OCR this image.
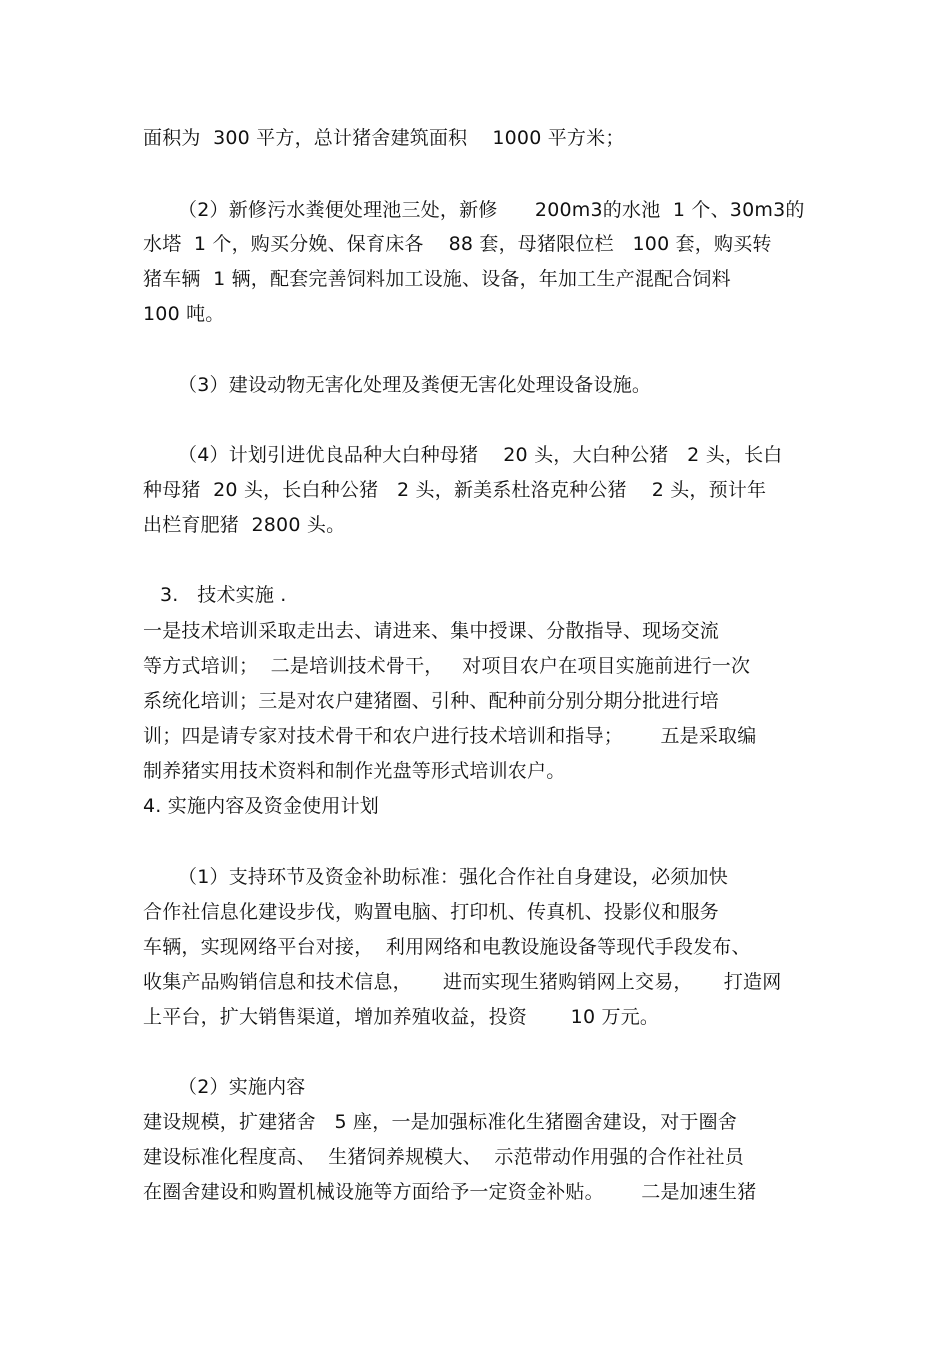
面积为  300 平方，总计猪舍建筑面积    1000 平方米；
（2）新修污水粪便处理池三处，新修      200m3的水池  1 个、30m3的
水塔  1 个，购买分娩、保育床各    88 套，母猪限位栏   100 套，购买转
猪车辆  1 辆，配套完善饲料加工设施、设备，年加工生产混配合饲料
100 吨。
（3）建设动物无害化处理及粪便无害化处理设备设施。
（4）计划引进优良品种大白种母猪    20 头，大白种公猪   2 头，长白
种母猪  20 头，长白种公猪   2 头，新美系杜洛克种公猪    2 头，预计年
出栏育肥猪  2800 头。
3.   技术实施 .
一是技术培训采取走出去、请进来、集中授课、分散指导、现场交流
等方式培训；  二是培训技术骨干，   对项目农户在项目实施前进行一次
系统化培训；三是对农户建猪圈、引种、配种前分别分期分批进行培
训；四是请专家对技术骨干和农户进行技术培训和指导；      五是采取编
制养猪实用技术资料和制作光盘等形式培训农户。
4. 实施内容及资金使用计划
（1）支持环节及资金补助标准：强化合作社自身建设，必须加快
合作社信息化建设步伐，购置电脑、打印机、传真机、投影仪和服务
车辆，实现网络平台对接，  利用网络和电教设施设备等现代手段发布、
收集产品购销信息和技术信息，     进而实现生猪购销网上交易，     打造网
上平台，扩大销售渠道，增加养殖收益，投资       10 万元。
（2）实施内容
建设规模，扩建猪舍   5 座，一是加强标准化生猪圈舍建设，对于圈舍
建设标准化程度高、  生猪饲养规模大、  示范带动作用强的合作社社员
在圈舍建设和购置机械设施等方面给予一定资金补贴。      二是加速生猪
